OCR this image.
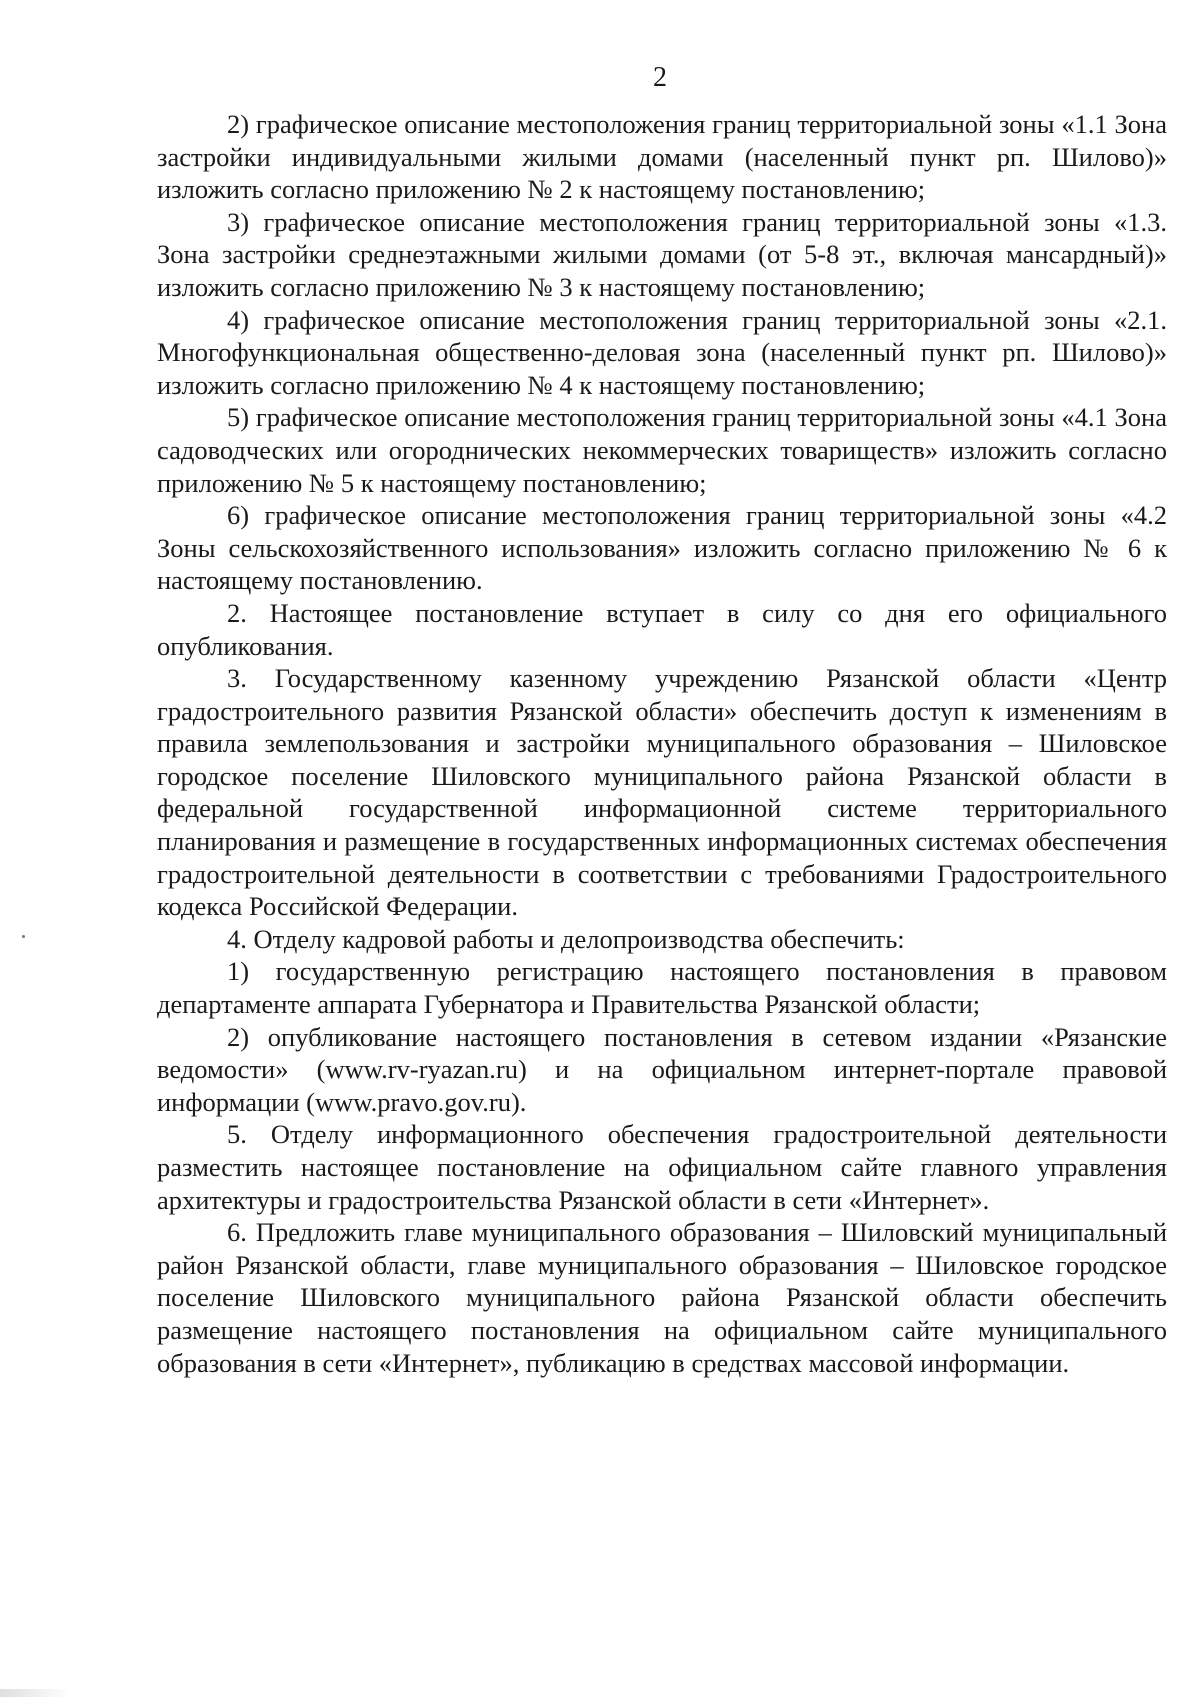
2

2) графическое описание местоположения границ территориальной зоны «1.1 Зона застройки индивидуальными жилыми домами (населенный пункт рп. Шилово)» изложить согласно приложению № 2 к настоящему постановлению;

3) графическое описание местоположения границ территориальной зоны «1.3. Зона застройки среднеэтажными жилыми домами (от 5-8 эт., включая мансардный)» изложить согласно приложению № 3 к настоящему постановлению;

4) графическое описание местоположения границ территориальной зоны «2.1. Многофункциональная общественно-деловая зона (населенный пункт рп. Шилово)» изложить согласно приложению № 4 к настоящему постановлению;

5) графическое описание местоположения границ территориальной зоны «4.1 Зона садоводческих или огороднических некоммерческих товариществ» изложить согласно приложению № 5 к настоящему постановлению;

6) графическое описание местоположения границ территориальной зоны «4.2 Зоны сельскохозяйственного использования» изложить согласно приложению № 6 к настоящему постановлению.

2. Настоящее постановление вступает в силу со дня его официального опубликования.

3. Государственному казенному учреждению Рязанской области «Центр градостроительного развития Рязанской области» обеспечить доступ к изменениям в правила землепользования и застройки муниципального образования – Шиловское городское поселение Шиловского муниципального района Рязанской области в федеральной государственной информационной системе территориального планирования и размещение в государственных информационных системах обеспечения градостроительной деятельности в соответствии с требованиями Градостроительного кодекса Российской Федерации.

4. Отделу кадровой работы и делопроизводства обеспечить:

1) государственную регистрацию настоящего постановления в правовом департаменте аппарата Губернатора и Правительства Рязанской области;

2) опубликование настоящего постановления в сетевом издании «Рязанские ведомости» (www.rv-ryazan.ru) и на официальном интернет-портале правовой информации (www.pravo.gov.ru).

5. Отделу информационного обеспечения градостроительной деятельности разместить настоящее постановление на официальном сайте главного управления архитектуры и градостроительства Рязанской области в сети «Интернет».

6. Предложить главе муниципального образования – Шиловский муниципальный район Рязанской области, главе муниципального образования – Шиловское городское поселение Шиловского муниципального района Рязанской области обеспечить размещение настоящего постановления на официальном сайте муниципального образования в сети «Интернет», публикацию в средствах массовой информации.
